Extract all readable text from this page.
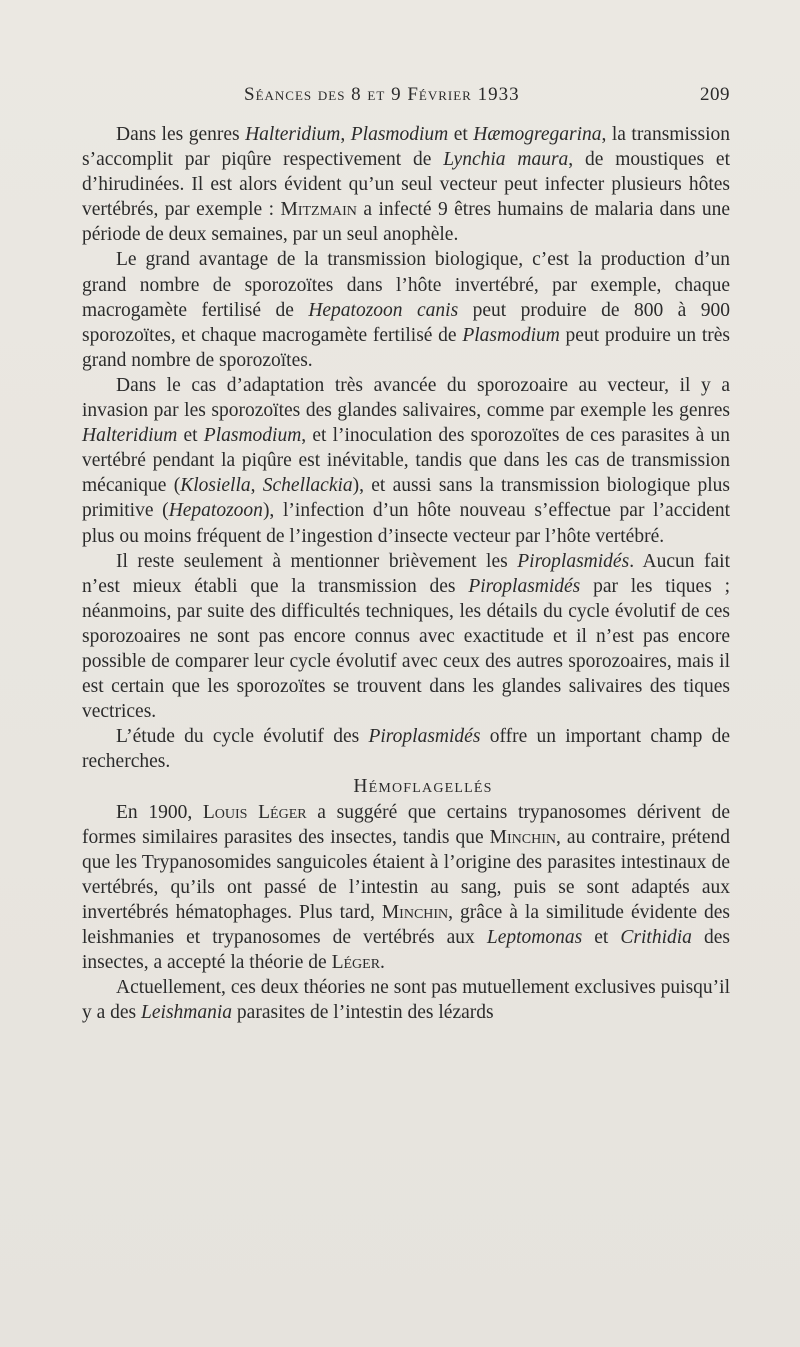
Séances des 8 et 9 Février 1933	209

Dans les genres Halteridium, Plasmodium et Hæmogregarina, la transmission s’accomplit par piqûre respectivement de Lynchia maura, de moustiques et d’hirudinées. Il est alors évident qu’un seul vecteur peut infecter plusieurs hôtes vertébrés, par exemple : Mitzmain a infecté 9 êtres humains de malaria dans une période de deux semaines, par un seul anophèle.

Le grand avantage de la transmission biologique, c’est la production d’un grand nombre de sporozoïtes dans l’hôte invertébré, par exemple, chaque macrogamète fertilisé de Hepatozoon canis peut produire de 800 à 900 sporozoïtes, et chaque macrogamète fertilisé de Plasmodium peut produire un très grand nombre de sporozoïtes.

Dans le cas d’adaptation très avancée du sporozoaire au vecteur, il y a invasion par les sporozoïtes des glandes salivaires, comme par exemple les genres Halteridium et Plasmodium, et l’inoculation des sporozoïtes de ces parasites à un vertébré pendant la piqûre est inévitable, tandis que dans les cas de transmission mécanique (Klosiella, Schellackia), et aussi sans la transmission biologique plus primitive (Hepatozoon), l’infection d’un hôte nouveau s’effectue par l’accident plus ou moins fréquent de l’ingestion d’insecte vecteur par l’hôte vertébré.

Il reste seulement à mentionner brièvement les Piroplasmidés. Aucun fait n’est mieux établi que la transmission des Piroplasmidés par les tiques ; néanmoins, par suite des difficultés techniques, les détails du cycle évolutif de ces sporozoaires ne sont pas encore connus avec exactitude et il n’est pas encore possible de comparer leur cycle évolutif avec ceux des autres sporozoaires, mais il est certain que les sporozoïtes se trouvent dans les glandes salivaires des tiques vectrices.

L’étude du cycle évolutif des Piroplasmidés offre un important champ de recherches.

Hémoflagellés

En 1900, Louis Léger a suggéré que certains trypanosomes dérivent de formes similaires parasites des insectes, tandis que Minchin, au contraire, prétend que les Trypanosomides sanguicoles étaient à l’origine des parasites intestinaux de vertébrés, qu’ils ont passé de l’intestin au sang, puis se sont adaptés aux invertébrés hématophages. Plus tard, Minchin, grâce à la similitude évidente des leishmanies et trypanosomes de vertébrés aux Leptomonas et Crithidia des insectes, a accepté la théorie de Léger.

Actuellement, ces deux théories ne sont pas mutuellement exclusives puisqu’il y a des Leishmania parasites de l’intestin des lézards
